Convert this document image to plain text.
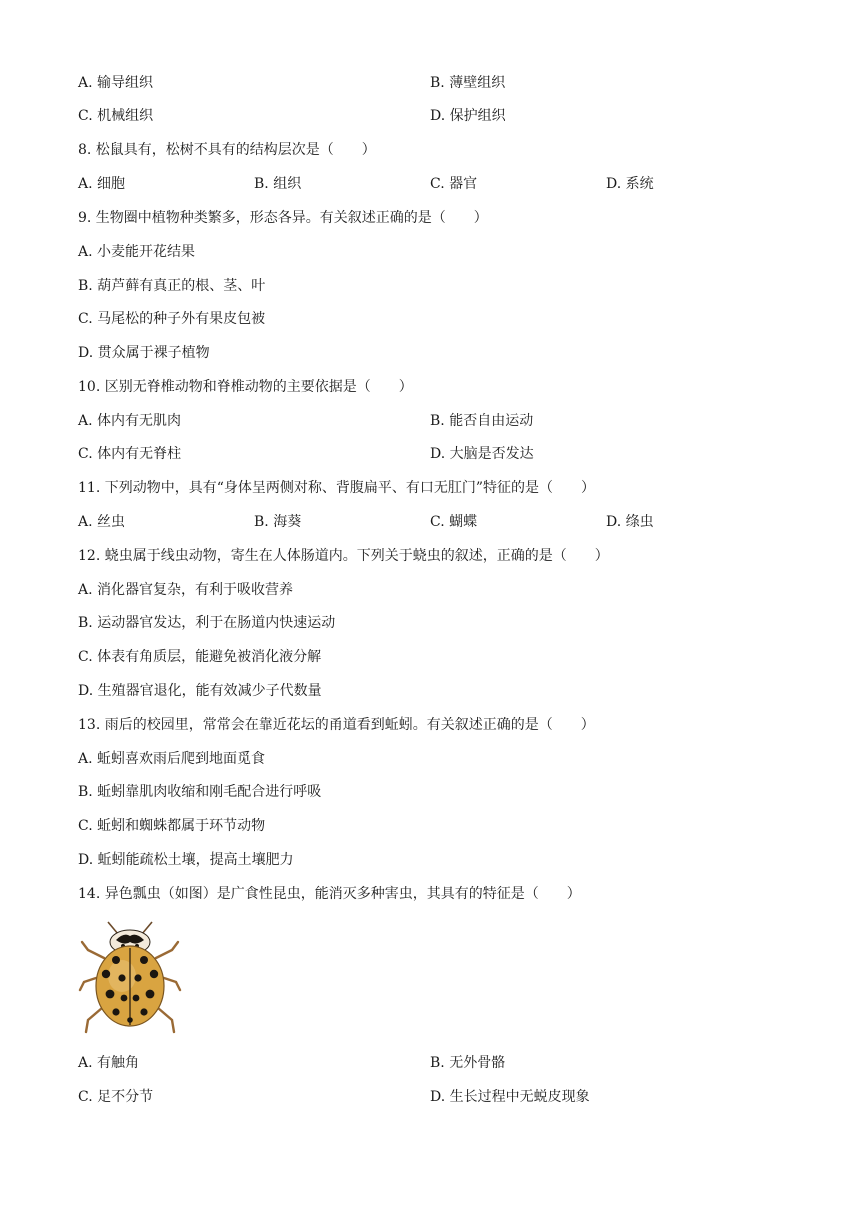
A. 输导组织	B. 薄壁组织
C. 机械组织	D. 保护组织
8. 松鼠具有，松树不具有的结构层次是（　　）
A. 细胞	B. 组织	C. 器官	D. 系统
9. 生物圈中植物种类繁多，形态各异。有关叙述正确的是（　　）
A. 小麦能开花结果
B. 葫芦藓有真正的根、茎、叶
C. 马尾松的种子外有果皮包被
D. 贯众属于裸子植物
10. 区别无脊椎动物和脊椎动物的主要依据是（　　）
A. 体内有无肌肉	B. 能否自由运动
C. 体内有无脊柱	D. 大脑是否发达
11. 下列动物中，具有“身体呈两侧对称、背腹扁平、有口无肛门”特征的是（　　）
A. 丝虫	B. 海葵	C. 蝴蝶	D. 绦虫
12. 蛲虫属于线虫动物，寄生在人体肠道内。下列关于蛲虫的叙述，正确的是（　　）
A. 消化器官复杂，有利于吸收营养
B. 运动器官发达，利于在肠道内快速运动
C. 体表有角质层，能避免被消化液分解
D. 生殖器官退化，能有效减少子代数量
13. 雨后的校园里，常常会在靠近花坛的甬道看到蚯蚓。有关叙述正确的是（　　）
A. 蚯蚓喜欢雨后爬到地面觅食
B. 蚯蚓靠肌肉收缩和刚毛配合进行呼吸
C. 蚯蚓和蜘蛛都属于环节动物
D. 蚯蚓能疏松土壤，提高土壤肥力
14. 异色瓢虫（如图）是广食性昆虫，能消灭多种害虫，其具有的特征是（　　）
A. 有触角	B. 无外骨骼
C. 足不分节	D. 生长过程中无蜕皮现象
